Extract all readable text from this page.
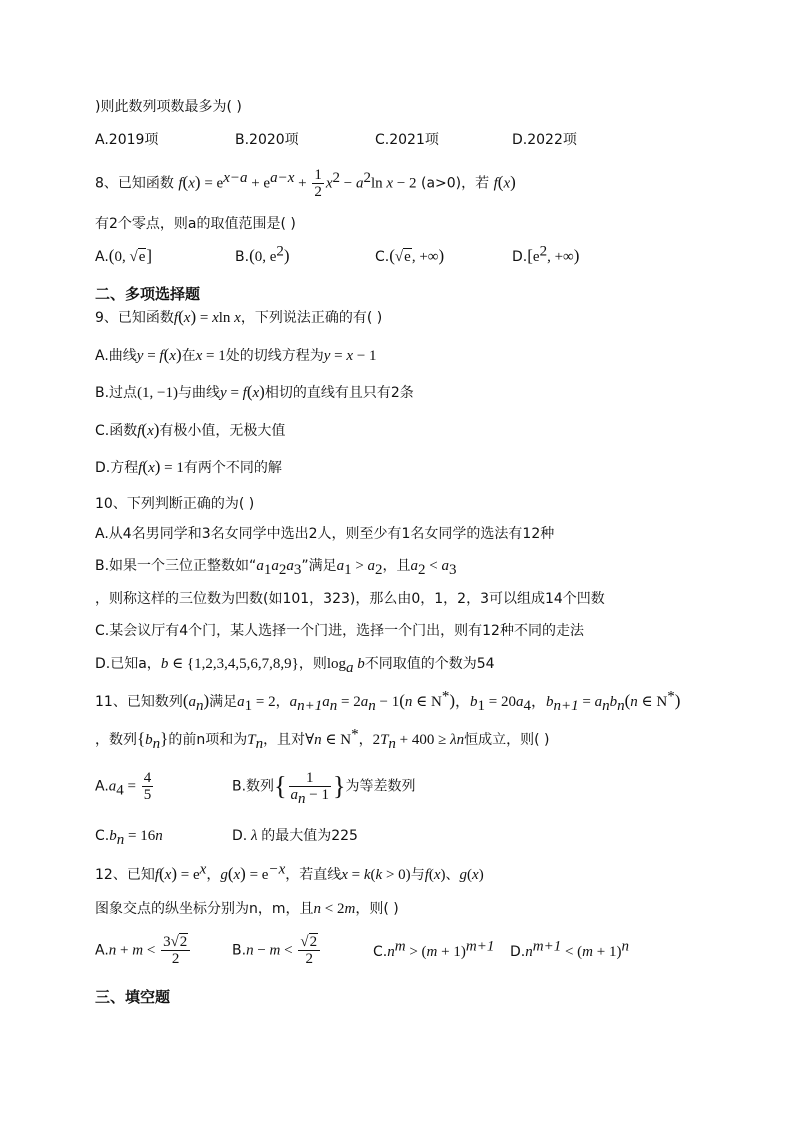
)则此数列项数最多为( )
A.2019项	B.2020项	C.2021项	D.2022项
8、已知函数 $f(x) = e^{x-a} + e^{a-x} + \frac{1}{2} x^2 - a^2\ln$ x − 2 (a>0)，若 f(x)
有2个零点，则a的取值范围是( )
A.(0, √e]	B.(0, $e^2$)	C.(√e, +∞)	$D.[e^2$, +∞)
二、多项选择题
9、已知函数f(x) = xln x，下列说法正确的有( )
A.曲线y = f(x)在x = 1处的切线方程为y = x − 1
B.过点(1, −1)与曲线y = f(x)相切的直线有且只有2条
C.函数f(x)有极小值，无极大值
D.方程f(x) = 1有两个不同的解
10、下列判断正确的为( )
A.从4名男同学和3名女同学中选出2人，则至少有1名女同学的选法有12种
B.如果一个三位正整数如“$a_1a_2a_3$”满足$a_1 > a_2$，且$a_2 < a_3$
，则称这样的三位数为凹数(如101，323)，那么由0，1，2，3可以组成14个凹数
C.某会议厅有4个门，某人选择一个门进，选择一个门出，则有12种不同的走法
D.已知a，b ∈ {1,2,3,4,5,6,7,8,9}，则$\log_a b$不同取值的个数为54
11、已知数列$(a_n)$满足$a_1 = 2$，$a_{n+1}a_n = 2a_n - 1(n$ ∈ N*)，$b_1 = 20a_4$，$b_{n+1} = a_nb_n(n$ ∈ N*)
，数列$\{b_n\}$的前n项和为$T_n$，且对∀n ∈ N*，$2T_n + 400 \ge \lambda n$恒成立，则( )
$A.a_4 = \frac{4}{5}$	B.数列{ $\frac{1}{a_n - 1}$ }为等差数列
$C.b_n = 16n$	D. λ 的最大值为225
12、已知$f(x) = e^x$，$g(x) = e^{-x}$，若直线x = k(k > 0)与f(x)、g(x)
图象交点的纵坐标分别为n，m，且n < 2m，则( )
$A.n + m < \frac{3√2}{2}$	$B.n - m < \frac{√2}{2}$	$C.n^m > (m + 1)^{m+1}$ $D.n^{m+1} < (m + 1)^n$
三、填空题
